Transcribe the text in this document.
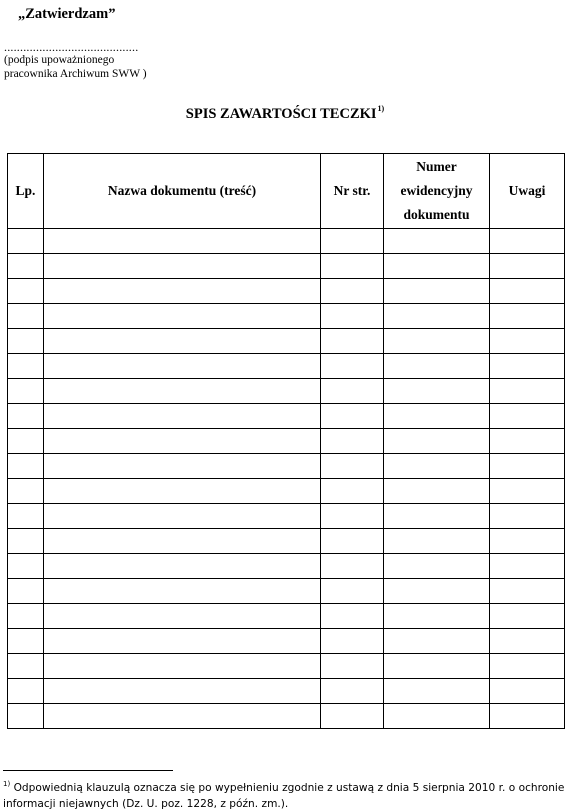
„Zatwierdzam”
..........................................
(podpis upoważnionego
pracownika Archiwum SWW )
SPIS ZAWARTOŚCI TECZKI$^{1)}$
Lp.	Nazwa dokumentu (treść)	Nr str.	Numer ewidencyjny dokumentu	Uwagi

$^{1)}$ Odpowiednią klauzulą oznacza się po wypełnieniu zgodnie z ustawą z dnia 5 sierpnia 2010 r. o ochronie informacji niejawnych (Dz. U. poz. 1228, z późn. zm.).
